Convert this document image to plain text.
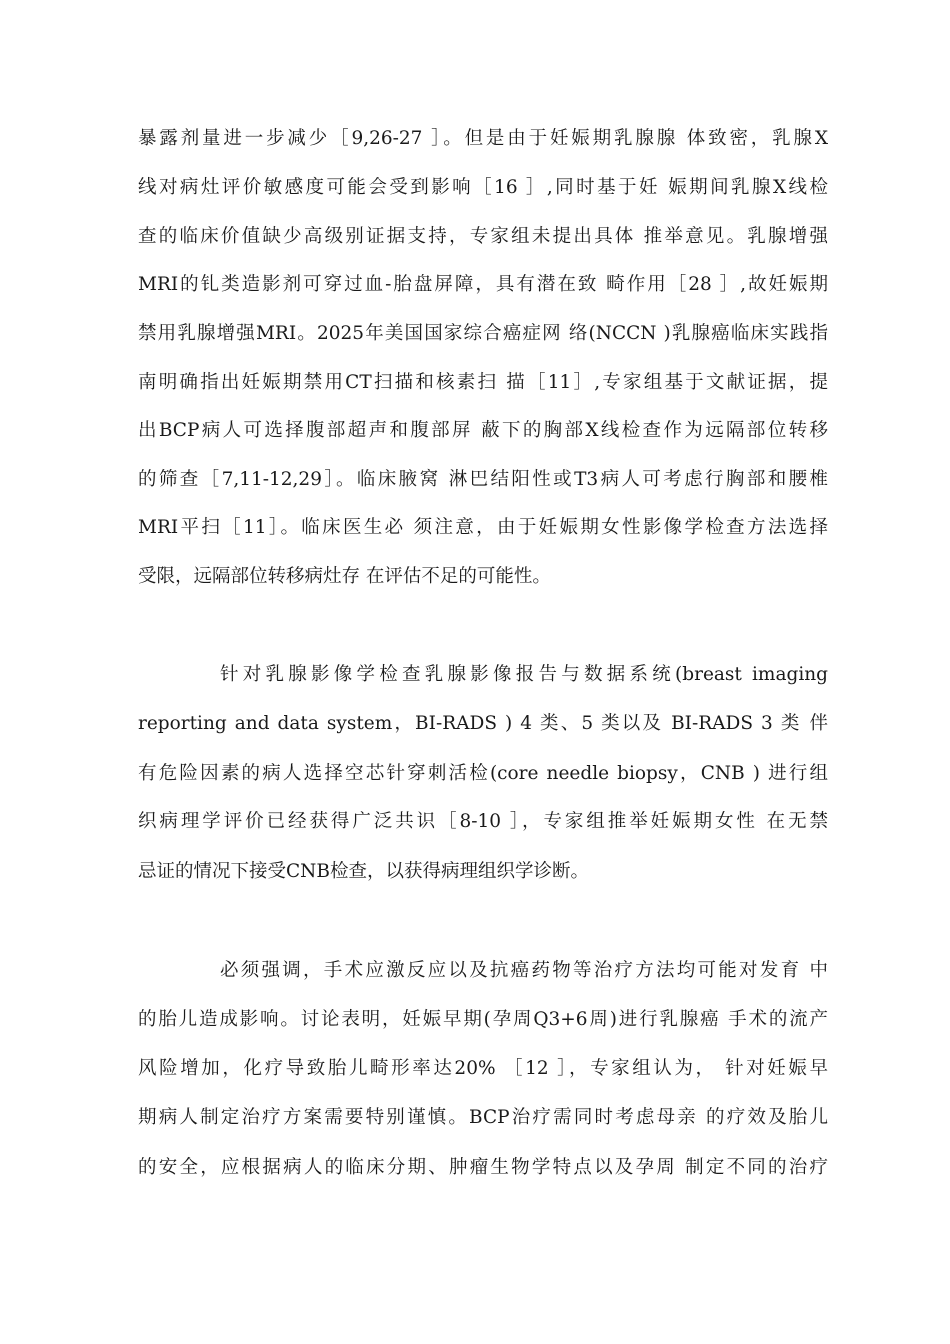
暴露剂量进一步减少［9,26-27 ］。但是由于妊娠期乳腺腺 体致密，乳腺X
线对病灶评价敏感度可能会受到影响［16 ］,同时基于妊 娠期间乳腺X线检
查的临床价值缺少高级别证据支持，专家组未提出具体 推举意见。乳腺增强
MRI的钆类造影剂可穿过血-胎盘屏障，具有潜在致 畸作用［28 ］,故妊娠期
禁用乳腺增强MRI。2025年美国国家综合癌症网 络(NCCN )乳腺癌临床实践指
南明确指出妊娠期禁用CT扫描和核素扫 描［11］,专家组基于文献证据，提
出BCP病人可选择腹部超声和腹部屏 蔽下的胸部X线检查作为远隔部位转移
的筛查［7,11-12,29］。临床腋窝 淋巴结阳性或T3病人可考虑行胸部和腰椎
MRI平扫［11］。临床医生必 须注意，由于妊娠期女性影像学检查方法选择
受限，远隔部位转移病灶存 在评估不足的可能性。
针对乳腺影像学检查乳腺影像报告与数据系统(breast imaging
reporting and data system，BI-RADS ) 4 类、5 类以及 BI-RADS 3 类 伴
有危险因素的病人选择空芯针穿刺活检(core needle biopsy，CNB ) 进行组
织病理学评价已经获得广泛共识［8-10 ］，专家组推举妊娠期女性 在无禁
忌证的情况下接受CNB检查，以获得病理组织学诊断。
必须强调，手术应激反应以及抗癌药物等治疗方法均可能对发育 中
的胎儿造成影响。讨论表明，妊娠早期(孕周Q3+6周)进行乳腺癌 手术的流产
风险增加，化疗导致胎儿畸形率达20% ［12 ］，专家组认为， 针对妊娠早
期病人制定治疗方案需要特别谨慎。BCP治疗需同时考虑母亲 的疗效及胎儿
的安全，应根据病人的临床分期、肿瘤生物学特点以及孕周 制定不同的治疗
